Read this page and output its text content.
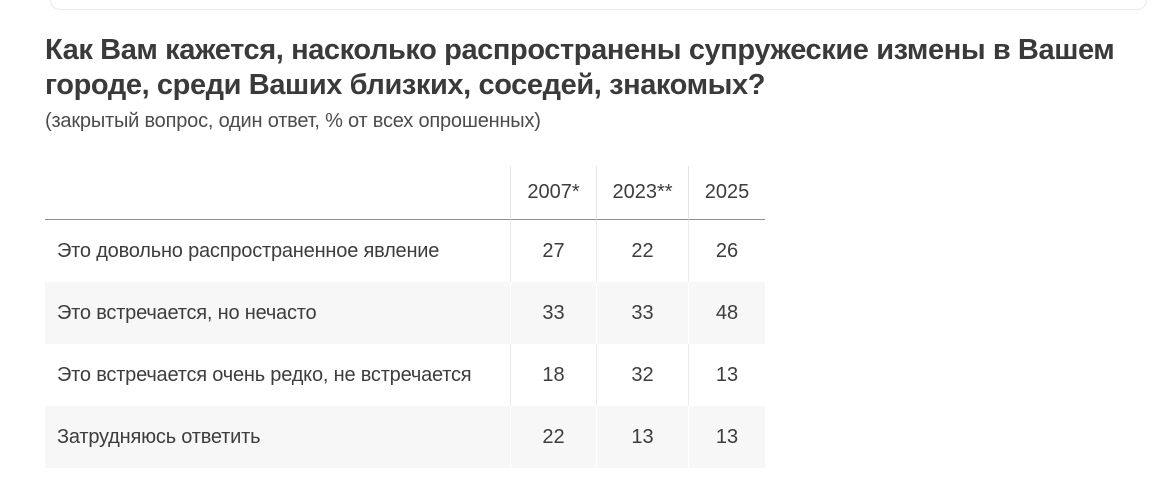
Как Вам кажется, насколько распространены супружеские измены в Вашем городе, среди Ваших близких, соседей, знакомых?

(закрытый вопрос, один ответ, % от всех опрошенных)

	2007*	2023**	2025
Это довольно распространенное явление	27	22	26
Это встречается, но нечасто	33	33	48
Это встречается очень редко, не встречается	18	32	13
Затрудняюсь ответить	22	13	13
